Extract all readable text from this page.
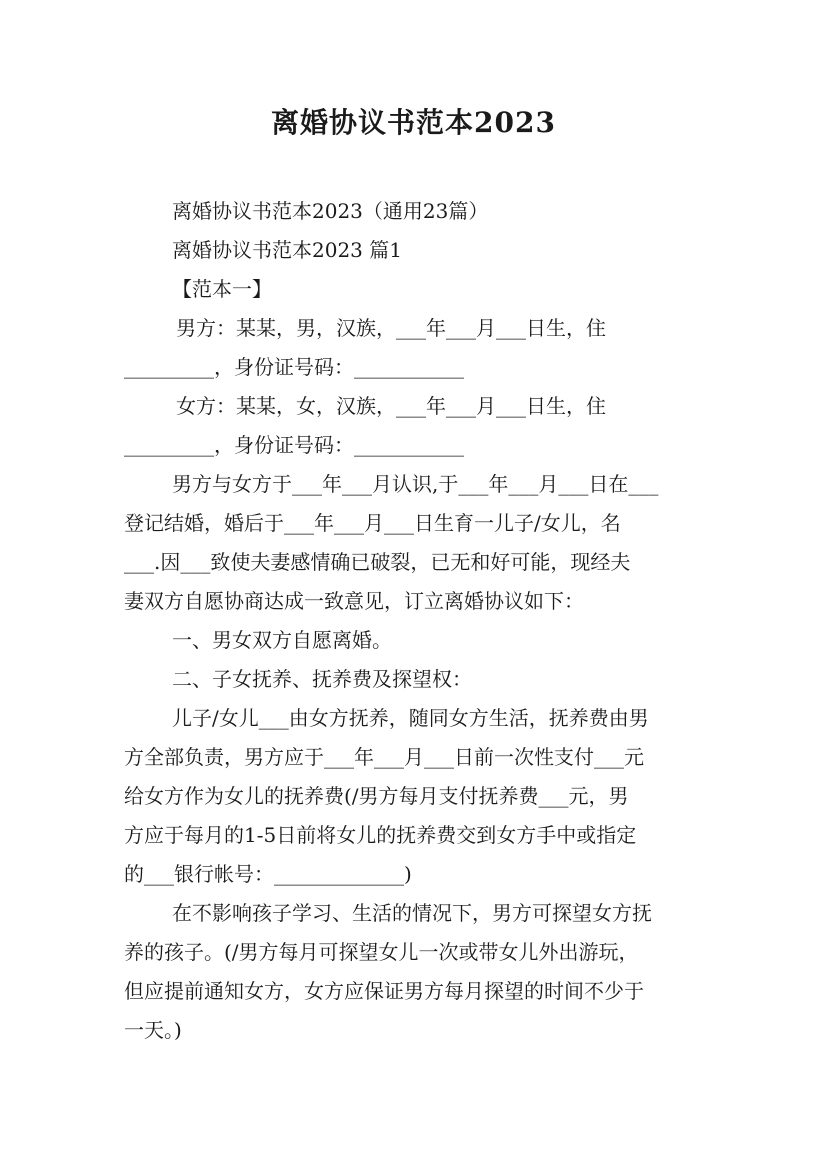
离婚协议书范本2023
离婚协议书范本2023（通用23篇）
离婚协议书范本2023 篇1
【范本一】
男方：某某，男，汉族，___年___月___日生，住
_________，身份证号码：___________
女方：某某，女，汉族，___年___月___日生，住
_________，身份证号码：___________
男方与女方于___年___月认识,于___年___月___日在___
登记结婚，婚后于___年___月___日生育一儿子/女儿，名
___.因___致使夫妻感情确已破裂，已无和好可能，现经夫
妻双方自愿协商达成一致意见，订立离婚协议如下：
一、男女双方自愿离婚。
二、子女抚养、抚养费及探望权：
儿子/女儿___由女方抚养，随同女方生活，抚养费由男
方全部负责，男方应于___年___月___日前一次性支付___元
给女方作为女儿的抚养费(/男方每月支付抚养费___元，男
方应于每月的1-5日前将女儿的抚养费交到女方手中或指定
的___银行帐号：_____________)
在不影响孩子学习、生活的情况下，男方可探望女方抚
养的孩子。(/男方每月可探望女儿一次或带女儿外出游玩，
但应提前通知女方，女方应保证男方每月探望的时间不少于
一天。)
